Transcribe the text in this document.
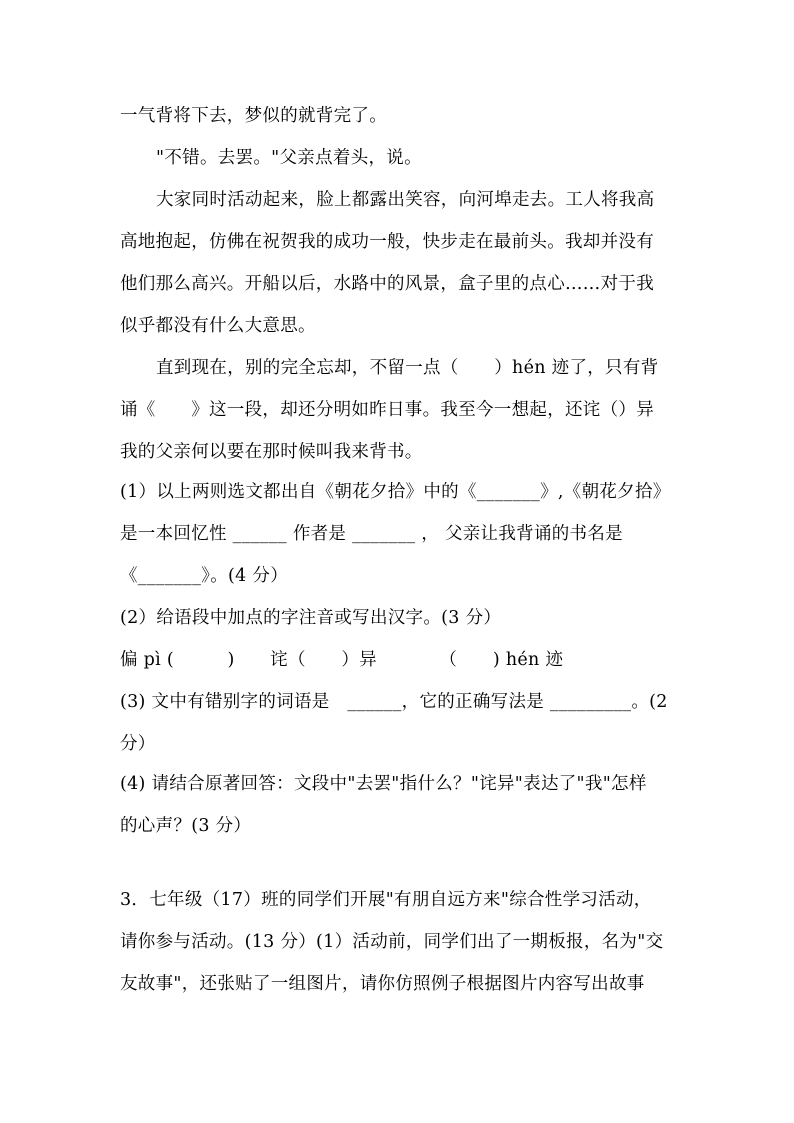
一气背将下去，梦似的就背完了。
"不错。去罢。"父亲点着头，说。
大家同时活动起来，脸上都露出笑容，向河埠走去。工人将我高
高地抱起，仿佛在祝贺我的成功一般，快步走在最前头。我却并没有
他们那么高兴。开船以后，水路中的风景，盒子里的点心……对于我
似乎都没有什么大意思。
直到现在，别的完全忘却，不留一点（　　）hén 迹了，只有背
诵《　　》这一段，却还分明如昨日事。我至今一想起，还诧（）异
我的父亲何以要在那时候叫我来背书。
(1）以上两则选文都出自《朝花夕拾》中的《_______》,《朝花夕拾》
是一本回忆性 ______ 作者是 _______ ， 父亲让我背诵的书名是
《_______》。(4 分）
(2）给语段中加点的字注音或写出汉字。(3 分）
偏 pì (　　　)　　诧（　　）异　　　　（　　) hén 迹
(3) 文中有错别字的词语是　______，它的正确写法是 _________。(2
分）
(4) 请结合原著回答：文段中"去罢"指什么？"诧异"表达了"我"怎样
的心声？(3 分）
3．七年级（17）班的同学们开展"有朋自远方来"综合性学习活动，
请你参与活动。(13 分）(1）活动前，同学们出了一期板报，名为"交
友故事"，还张贴了一组图片，请你仿照例子根据图片内容写出故事
